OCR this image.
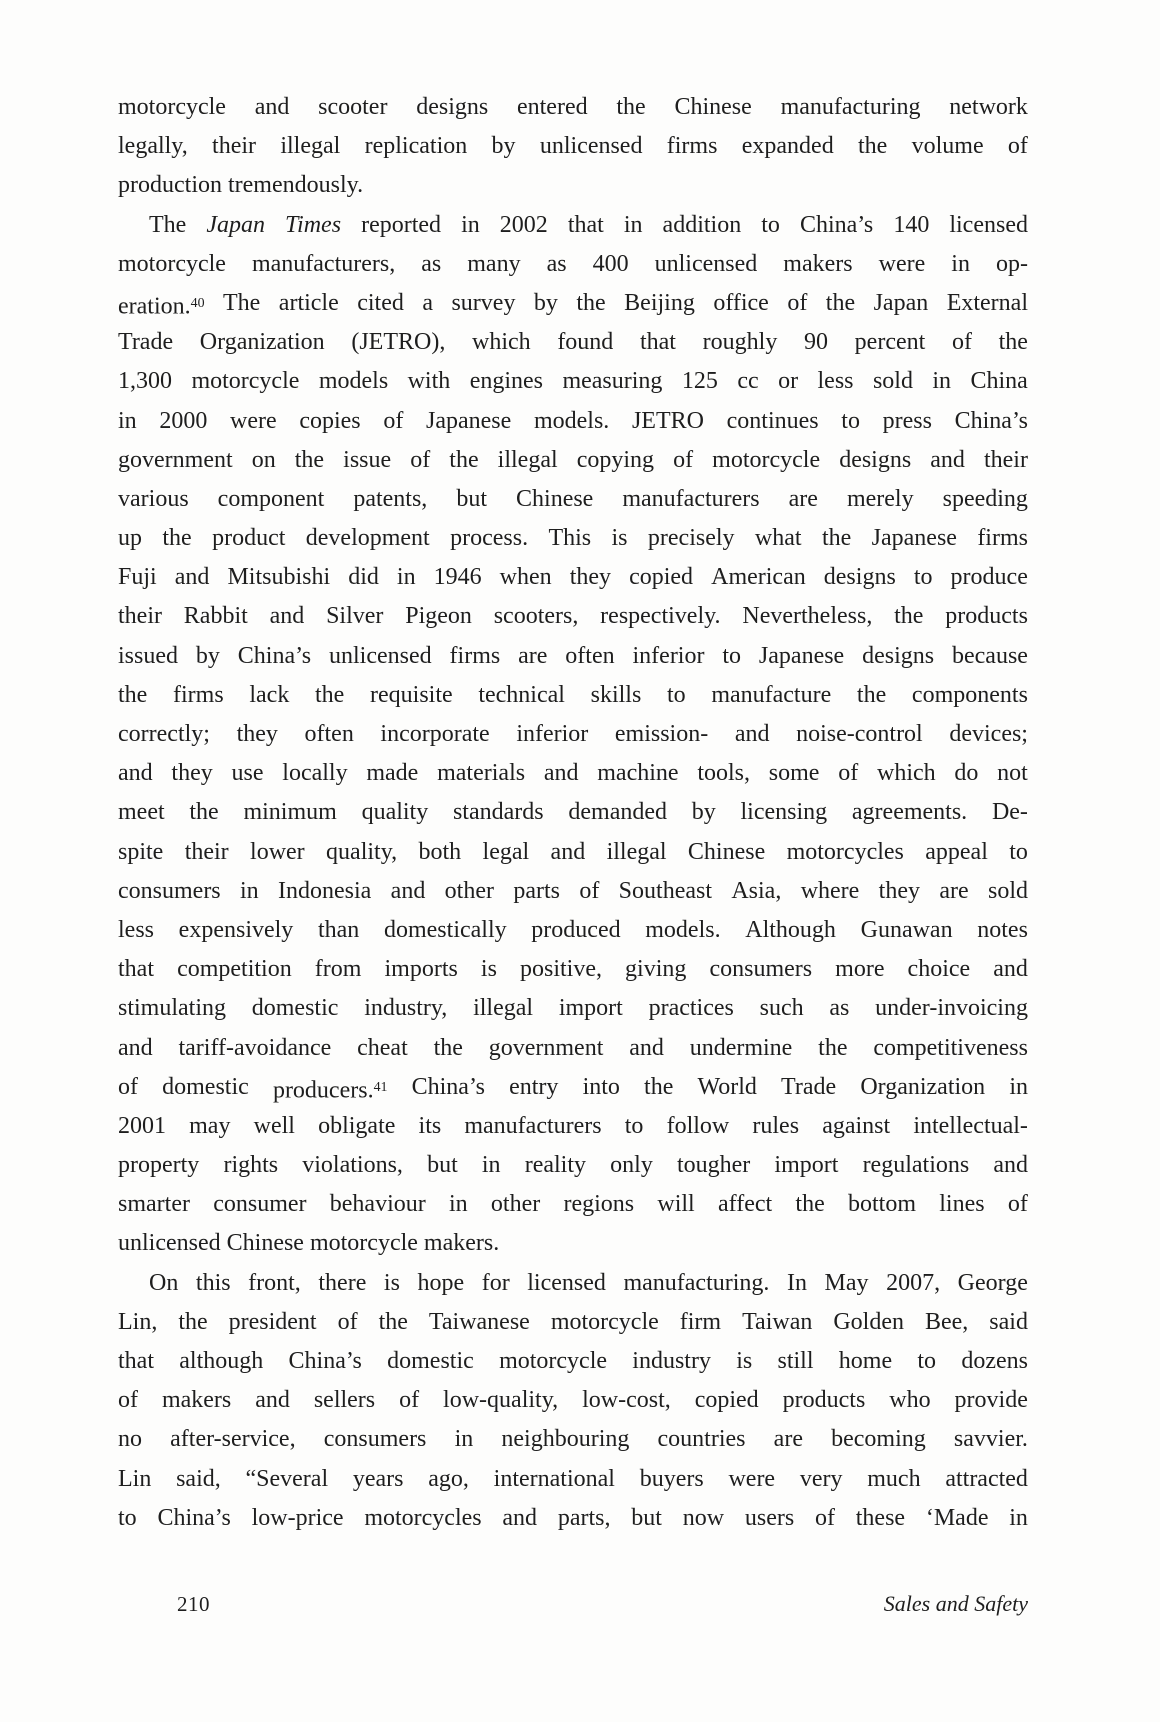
motorcycle and scooter designs entered the Chinese manufacturing network
legally, their illegal replication by unlicensed firms expanded the volume of
production tremendously.
The Japan Times reported in 2002 that in addition to China’s 140 licensed
motorcycle manufacturers, as many as 400 unlicensed makers were in op-
eration.$^{40}$ The article cited a survey by the Beijing office of the Japan External
Trade Organization (JETRO), which found that roughly 90 percent of the
1,300 motorcycle models with engines measuring 125 cc or less sold in China
in 2000 were copies of Japanese models. JETRO continues to press China’s
government on the issue of the illegal copying of motorcycle designs and their
various component patents, but Chinese manufacturers are merely speeding
up the product development process. This is precisely what the Japanese firms
Fuji and Mitsubishi did in 1946 when they copied American designs to produce
their Rabbit and Silver Pigeon scooters, respectively. Nevertheless, the products
issued by China’s unlicensed firms are often inferior to Japanese designs because
the firms lack the requisite technical skills to manufacture the components
correctly; they often incorporate inferior emission- and noise-control devices;
and they use locally made materials and machine tools, some of which do not
meet the minimum quality standards demanded by licensing agreements. De-
spite their lower quality, both legal and illegal Chinese motorcycles appeal to
consumers in Indonesia and other parts of Southeast Asia, where they are sold
less expensively than domestically produced models. Although Gunawan notes
that competition from imports is positive, giving consumers more choice and
stimulating domestic industry, illegal import practices such as under-invoicing
and tariff-avoidance cheat the government and undermine the competitiveness
of domestic producers.$^{41}$ China’s entry into the World Trade Organization in
2001 may well obligate its manufacturers to follow rules against intellectual-
property rights violations, but in reality only tougher import regulations and
smarter consumer behaviour in other regions will affect the bottom lines of
unlicensed Chinese motorcycle makers.
On this front, there is hope for licensed manufacturing. In May 2007, George
Lin, the president of the Taiwanese motorcycle firm Taiwan Golden Bee, said
that although China’s domestic motorcycle industry is still home to dozens
of makers and sellers of low-quality, low-cost, copied products who provide
no after-service, consumers in neighbouring countries are becoming savvier.
Lin said, “Several years ago, international buyers were very much attracted
to China’s low-price motorcycles and parts, but now users of these ‘Made in
210	Sales and Safety
